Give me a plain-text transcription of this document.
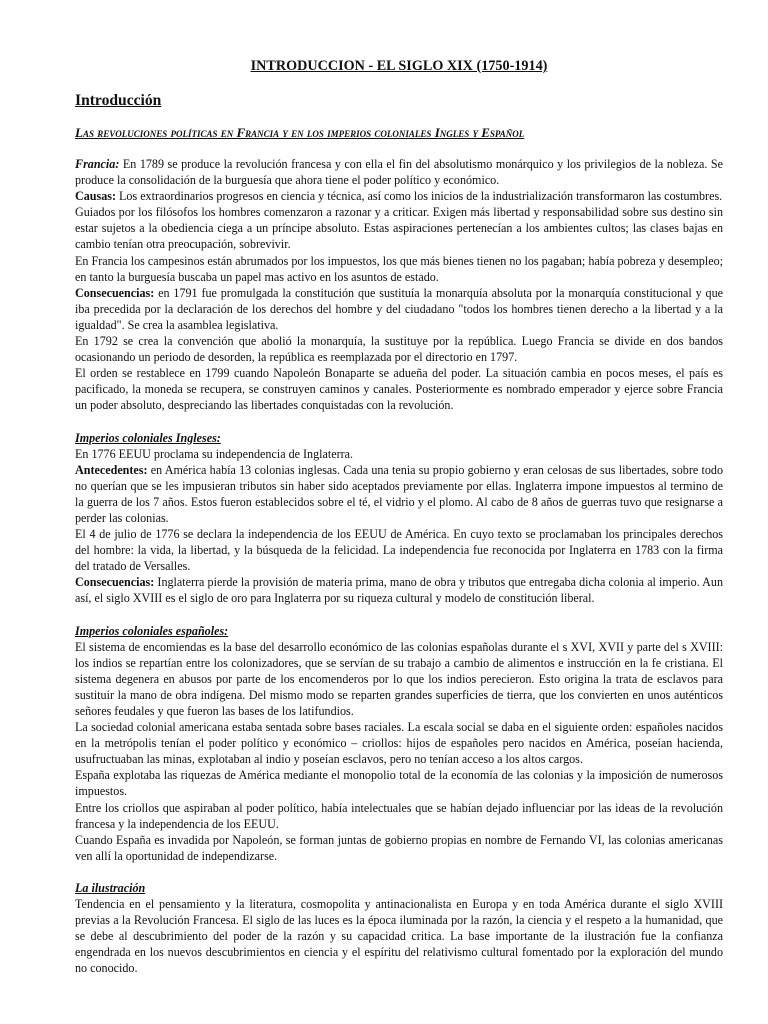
INTRODUCCION - EL SIGLO XIX (1750-1914)
Introducción
Las revoluciones políticas en Francia y en los imperios coloniales Ingles y Español

Francia: En 1789 se produce la revolución francesa y con ella el fin del absolutismo monárquico y los privilegios de la nobleza. Se produce la consolidación de la burguesía que ahora tiene el poder político y económico.

Causas: Los extraordinarios progresos en ciencia y técnica, así como los inicios de la industrialización transformaron las costumbres.

Guiados por los filósofos los hombres comenzaron a razonar y a criticar. Exigen más libertad y responsabilidad sobre sus destino sin estar sujetos a la obediencia ciega a un príncipe absoluto. Estas aspiraciones pertenecían a los ambientes cultos; las clases bajas en cambio tenían otra preocupación, sobrevivir.

En Francia los campesinos están abrumados por los impuestos, los que más bienes tienen no los pagaban; había pobreza y desempleo; en tanto la burguesía buscaba un papel mas activo en los asuntos de estado.

Consecuencias: en 1791 fue promulgada la constitución que sustituía la monarquía absoluta por la monarquía constitucional y que iba precedida por la declaración de los derechos del hombre y del ciudadano "todos los hombres tienen derecho a la libertad y a la igualdad". Se crea la asamblea legislativa.

En 1792 se crea la convención que abolió la monarquía, la sustituye por la república. Luego Francia se divide en dos bandos ocasionando un periodo de desorden, la república es reemplazada por el directorio en 1797.

El orden se restablece en 1799 cuando Napoleón Bonaparte se adueña del poder. La situación cambia en pocos meses, el país es pacificado, la moneda se recupera, se construyen caminos y canales. Posteriormente es nombrado emperador y ejerce sobre Francia un poder absoluto, despreciando las libertades conquistadas con la revolución.

Imperios coloniales Ingleses:

En 1776 EEUU proclama su independencia de Inglaterra.

Antecedentes: en América había 13 colonias inglesas. Cada una tenia su propio gobierno y eran celosas de sus libertades, sobre todo no querían que se les impusieran tributos sin haber sido aceptados previamente por ellas. Inglaterra impone impuestos al termino de la guerra de los 7 años. Estos fueron establecidos sobre el té, el vidrio y el plomo. Al cabo de 8 años de guerras tuvo que resignarse a perder las colonias.

El 4 de julio de 1776 se declara la independencia de los EEUU de América. En cuyo texto se proclamaban los principales derechos del hombre: la vida, la libertad, y la búsqueda de la felicidad. La independencia fue reconocida por Inglaterra en 1783 con la firma del tratado de Versalles.

Consecuencias: Inglaterra pierde la provisión de materia prima, mano de obra y tributos que entregaba dicha colonia al imperio. Aun así, el siglo XVIII es el siglo de oro para Inglaterra por su riqueza cultural y modelo de constitución liberal.

Imperios coloniales españoles:

El sistema de encomiendas es la base del desarrollo económico de las colonias españolas durante el s XVI, XVII y parte del s XVIII: los indios se repartían entre los colonizadores, que se servían de su trabajo a cambio de alimentos e instrucción en la fe cristiana. El sistema degenera en abusos por parte de los encomenderos por lo que los indios perecieron. Esto origina la trata de esclavos para sustituir la mano de obra indígena. Del mismo modo se reparten grandes superficies de tierra, que los convierten en unos auténticos señores feudales y que fueron las bases de los latifundios.

La sociedad colonial americana estaba sentada sobre bases raciales. La escala social se daba en el siguiente orden: españoles nacidos en la metrópolis tenían el poder político y económico – criollos: hijos de españoles pero nacidos en América, poseían hacienda, usufructuaban las minas, explotaban al indio y poseían esclavos, pero no tenían acceso a los altos cargos.

España explotaba las riquezas de América mediante el monopolio total de la economía de las colonias y la imposición de numerosos impuestos.

Entre los criollos que aspiraban al poder político, había intelectuales que se habían dejado influenciar por las ideas de la revolución francesa y la independencia de los EEUU.

Cuando España es invadida por Napoleón, se forman juntas de gobierno propias en nombre de Fernando VI, las colonias americanas ven allí la oportunidad de independizarse.

La ilustración

Tendencia en el pensamiento y la literatura, cosmopolita y antinacionalista en Europa y en toda América durante el siglo XVIII previas a la Revolución Francesa. El siglo de las luces es la época iluminada por la razón, la ciencia y el respeto a la humanidad, que se debe al descubrimiento del poder de la razón y su capacidad critica. La base importante de la ilustración fue la confianza engendrada en los nuevos descubrimientos en ciencia y el espíritu del relativismo cultural fomentado por la exploración del mundo no conocido.
